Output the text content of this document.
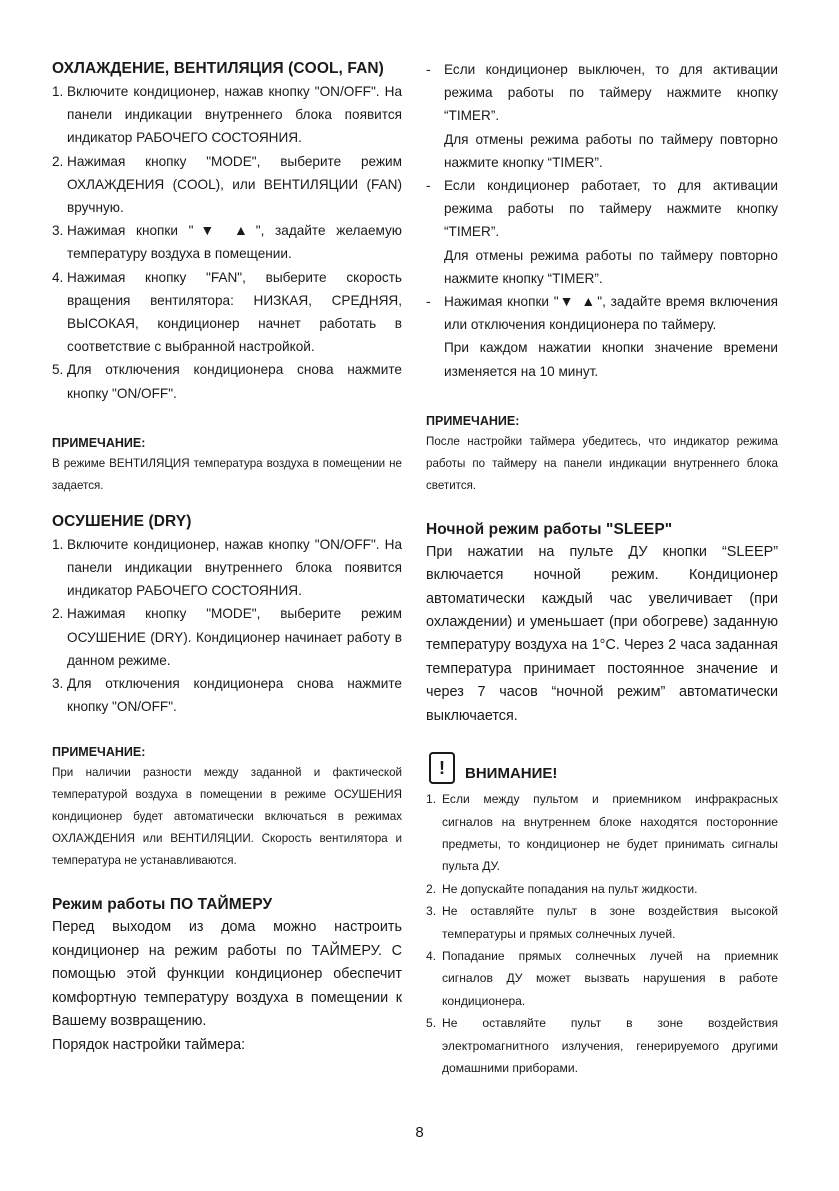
ОХЛАЖДЕНИЕ, ВЕНТИЛЯЦИЯ (COOL, FAN)
1. Включите кондиционер, нажав кнопку "ON/OFF". На панели индикации внутреннего блока появится индикатор РАБОЧЕГО СОСТОЯНИЯ.
2. Нажимая кнопку "MODE", выберите режим ОХЛАЖДЕНИЯ (COOL), или ВЕНТИЛЯЦИИ (FAN) вручную.
3. Нажимая кнопки "▼ ▲", задайте желаемую температуру воздуха в помещении.
4. Нажимая кнопку "FAN", выберите скорость вращения вентилятора: НИЗКАЯ, СРЕДНЯЯ, ВЫСОКАЯ, кондиционер начнет работать в соответствие с выбранной настройкой.
5. Для отключения кондиционера снова нажмите кнопку "ON/OFF".
ПРИМЕЧАНИЕ:

В режиме ВЕНТИЛЯЦИЯ температура воздуха в помещении не задается.

ОСУШЕНИЕ (DRY)
1. Включите кондиционер, нажав кнопку "ON/OFF". На панели индикации внутреннего блока появится индикатор РАБОЧЕГО СОСТОЯНИЯ.
2. Нажимая кнопку "MODE", выберите режим ОСУШЕНИЕ (DRY). Кондиционер начинает работу в данном режиме.
3. Для отключения кондиционера снова нажмите кнопку "ON/OFF".
ПРИМЕЧАНИЕ:

При наличии разности между заданной и фактической температурой воздуха в помещении в режиме ОСУШЕНИЯ кондиционер будет автоматически включаться в режимах ОХЛАЖДЕНИЯ или ВЕНТИЛЯЦИИ. Скорость вентилятора и температура не устанавливаются.

Режим работы ПО ТАЙМЕРУ

Перед выходом из дома можно настроить кондиционер на режим работы по ТАЙМЕРУ. С помощью этой функции кондиционер обеспечит комфортную температуру воздуха в помещении к Вашему возвращению.

Порядок настройки таймера:

- Если кондиционер выключен, то для активации режима работы по таймеру нажмите кнопку “TIMER”.
Для отмены режима работы по таймеру повторно нажмите кнопку “TIMER”.
- Если кондиционер работает, то для активации режима работы по таймеру нажмите кнопку “TIMER”.
Для отмены режима работы по таймеру повторно нажмите кнопку “TIMER”.
- Нажимая кнопки "▼ ▲", задайте время включения или отключения кондиционера по таймеру.
При каждом нажатии кнопки значение времени изменяется на 10 минут.
ПРИМЕЧАНИЕ:

После настройки таймера убедитесь, что индикатор режима работы по таймеру на панели индикации внутреннего блока светится.

Ночной режим работы "SLEEP"

При нажатии на пульте ДУ кнопки “SLEEP” включается ночной режим. Кондиционер автоматически каждый час увеличивает (при охлаждении) и уменьшает (при обогреве) заданную температуру воздуха на 1°C. Через 2 часа заданная температура принимает постоянное значение и через 7 часов “ночной режим” автоматически выключается.

!	ВНИМАНИЕ!
1. Если между пультом и приемником инфракрасных сигналов на внутреннем блоке находятся посторонние предметы, то кондиционер не будет принимать сигналы пульта ДУ.
2. Не допускайте попадания на пульт жидкости.
3. Не оставляйте пульт в зоне воздействия высокой температуры и прямых солнечных лучей.
4. Попадание прямых солнечных лучей на приемник сигналов ДУ может вызвать нарушения в работе кондиционера.
5. Не оставляйте пульт в зоне воздействия электромагнитного излучения, генерируемого другими домашними приборами.
8
